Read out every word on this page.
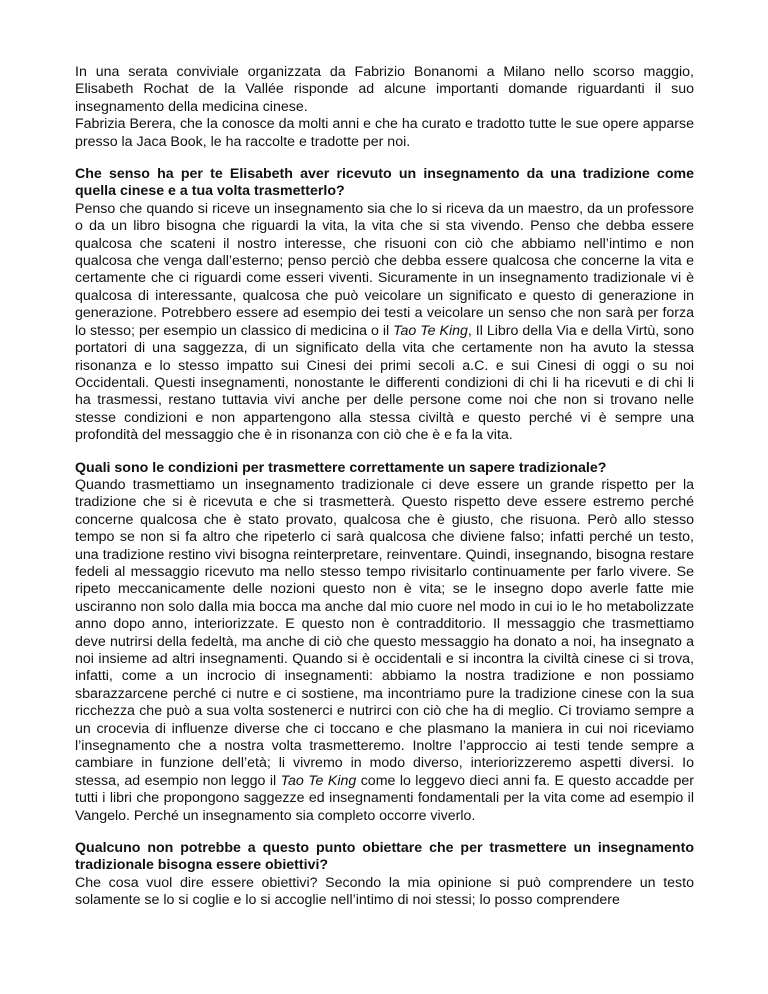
In una serata conviviale organizzata da Fabrizio Bonanomi a Milano nello scorso maggio, Elisabeth Rochat de la Vallée risponde ad alcune importanti domande riguardanti il suo insegnamento della medicina cinese.

Fabrizia Berera, che la conosce da molti anni e che ha curato e tradotto tutte le sue opere apparse presso la Jaca Book, le ha raccolte e tradotte per noi.

Che senso ha per te Elisabeth aver ricevuto un insegnamento da una tradizione come quella cinese e a tua volta trasmetterlo?

Penso che quando si riceve un insegnamento sia che lo si riceva da un maestro, da un professore o da un libro bisogna che riguardi la vita, la vita che si sta vivendo. Penso che debba essere qualcosa che scateni il nostro interesse, che risuoni con ciò che abbiamo nell’intimo e non qualcosa che venga dall’esterno; penso perciò che debba essere qualcosa che concerne la vita e certamente che ci riguardi come esseri viventi. Sicuramente in un insegnamento tradizionale vi è qualcosa di interessante, qualcosa che può veicolare un significato e questo di generazione in generazione. Potrebbero essere ad esempio dei testi a veicolare un senso che non sarà per forza lo stesso; per esempio un classico di medicina o il Tao Te King, Il Libro della Via e della Virtù, sono portatori di una saggezza, di un significato della vita che certamente non ha avuto la stessa risonanza e lo stesso impatto sui Cinesi dei primi secoli a.C. e sui Cinesi di oggi o su noi Occidentali. Questi insegnamenti, nonostante le differenti condizioni di chi li ha ricevuti e di chi li ha trasmessi, restano tuttavia vivi anche per delle persone come noi che non si trovano nelle stesse condizioni e non appartengono alla stessa civiltà e questo perché vi è sempre una profondità del messaggio che è in risonanza con ciò che è e fa la vita.

Quali sono le condizioni per trasmettere correttamente un sapere tradizionale?

Quando trasmettiamo un insegnamento tradizionale ci deve essere un grande rispetto per la tradizione che si è ricevuta e che si trasmetterà. Questo rispetto deve essere estremo perché concerne qualcosa che è stato provato, qualcosa che è giusto, che risuona. Però allo stesso tempo se non si fa altro che ripeterlo ci sarà qualcosa che diviene falso; infatti perché un testo, una tradizione restino vivi bisogna reinterpretare, reinventare. Quindi, insegnando, bisogna restare fedeli al messaggio ricevuto ma nello stesso tempo rivisitarlo continuamente per farlo vivere. Se ripeto meccanicamente delle nozioni questo non è vita; se le insegno dopo averle fatte mie usciranno non solo dalla mia bocca ma anche dal mio cuore nel modo in cui io le ho metabolizzate anno dopo anno, interiorizzate. E questo non è contradditorio. Il messaggio che trasmettiamo deve nutrirsi della fedeltà, ma anche di ciò che questo messaggio ha donato a noi, ha insegnato a noi insieme ad altri insegnamenti. Quando si è occidentali e si incontra la civiltà cinese ci si trova, infatti, come a un incrocio di insegnamenti: abbiamo la nostra tradizione e non possiamo sbarazzarcene perché ci nutre e ci sostiene, ma incontriamo pure la tradizione cinese con la sua ricchezza che può a sua volta sostenerci e nutrirci con ciò che ha di meglio. Ci troviamo sempre a un crocevia di influenze diverse che ci toccano e che plasmano la maniera in cui noi riceviamo l’insegnamento che a nostra volta trasmetteremo. Inoltre l’approccio ai testi tende sempre a cambiare in funzione dell’età; li vivremo in modo diverso, interiorizzeremo aspetti diversi. Io stessa, ad esempio non leggo il Tao Te King come lo leggevo dieci anni fa. E questo accadde per tutti i libri che propongono saggezze ed insegnamenti fondamentali per la vita come ad esempio il Vangelo. Perché un insegnamento sia completo occorre viverlo.

Qualcuno non potrebbe a questo punto obiettare che per trasmettere un insegnamento tradizionale bisogna essere obiettivi?

Che cosa vuol dire essere obiettivi? Secondo la mia opinione si può comprendere un testo solamente se lo si coglie e lo si accoglie nell’intimo di noi stessi; lo posso comprendere
